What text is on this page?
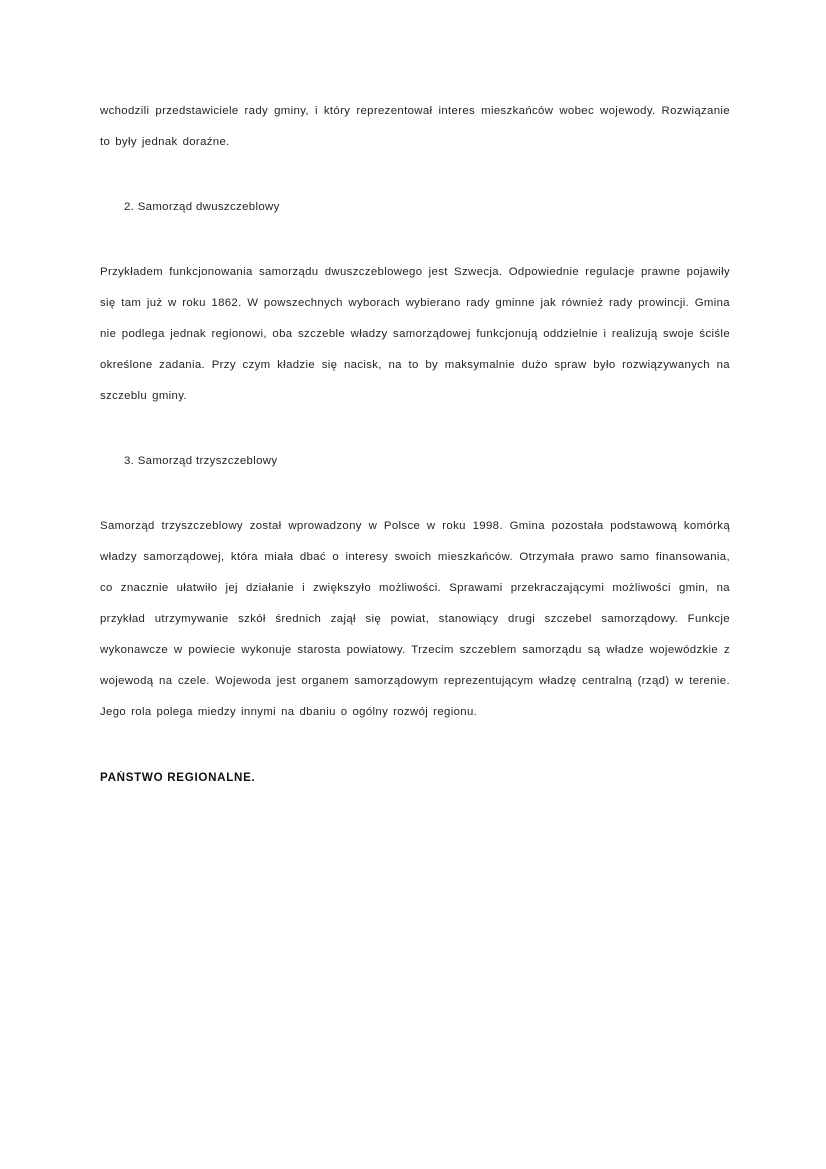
wchodzili przedstawiciele rady gminy, i który reprezentował interes mieszkańców wobec wojewody. Rozwiązanie to były jednak doraźne.

2. Samorząd dwuszczeblowy

Przykładem funkcjonowania samorządu dwuszczeblowego jest Szwecja. Odpowiednie regulacje prawne pojawiły się tam już w roku 1862. W powszechnych wyborach wybierano rady gminne jak również rady prowincji. Gmina nie podlega jednak regionowi, oba szczeble władzy samorządowej funkcjonują oddzielnie i realizują swoje ściśle określone zadania. Przy czym kładzie się nacisk, na to by maksymalnie dużo spraw było rozwiązywanych na szczeblu gminy.

3. Samorząd trzyszczeblowy

Samorząd trzyszczeblowy został wprowadzony w Polsce w roku 1998. Gmina pozostała podstawową komórką władzy samorządowej, która miała dbać o interesy swoich mieszkańców. Otrzymała prawo samo finansowania, co znacznie ułatwiło jej działanie i zwiększyło możliwości. Sprawami przekraczającymi możliwości gmin, na przykład utrzymywanie szkół średnich zajął się powiat, stanowiący drugi szczebel samorządowy. Funkcje wykonawcze w powiecie wykonuje starosta powiatowy. Trzecim szczeblem samorządu są władze wojewódzkie z wojewodą na czele. Wojewoda jest organem samorządowym reprezentującym władzę centralną (rząd) w terenie. Jego rola polega miedzy innymi na dbaniu o ogólny rozwój regionu.

PAŃSTWO REGIONALNE.
